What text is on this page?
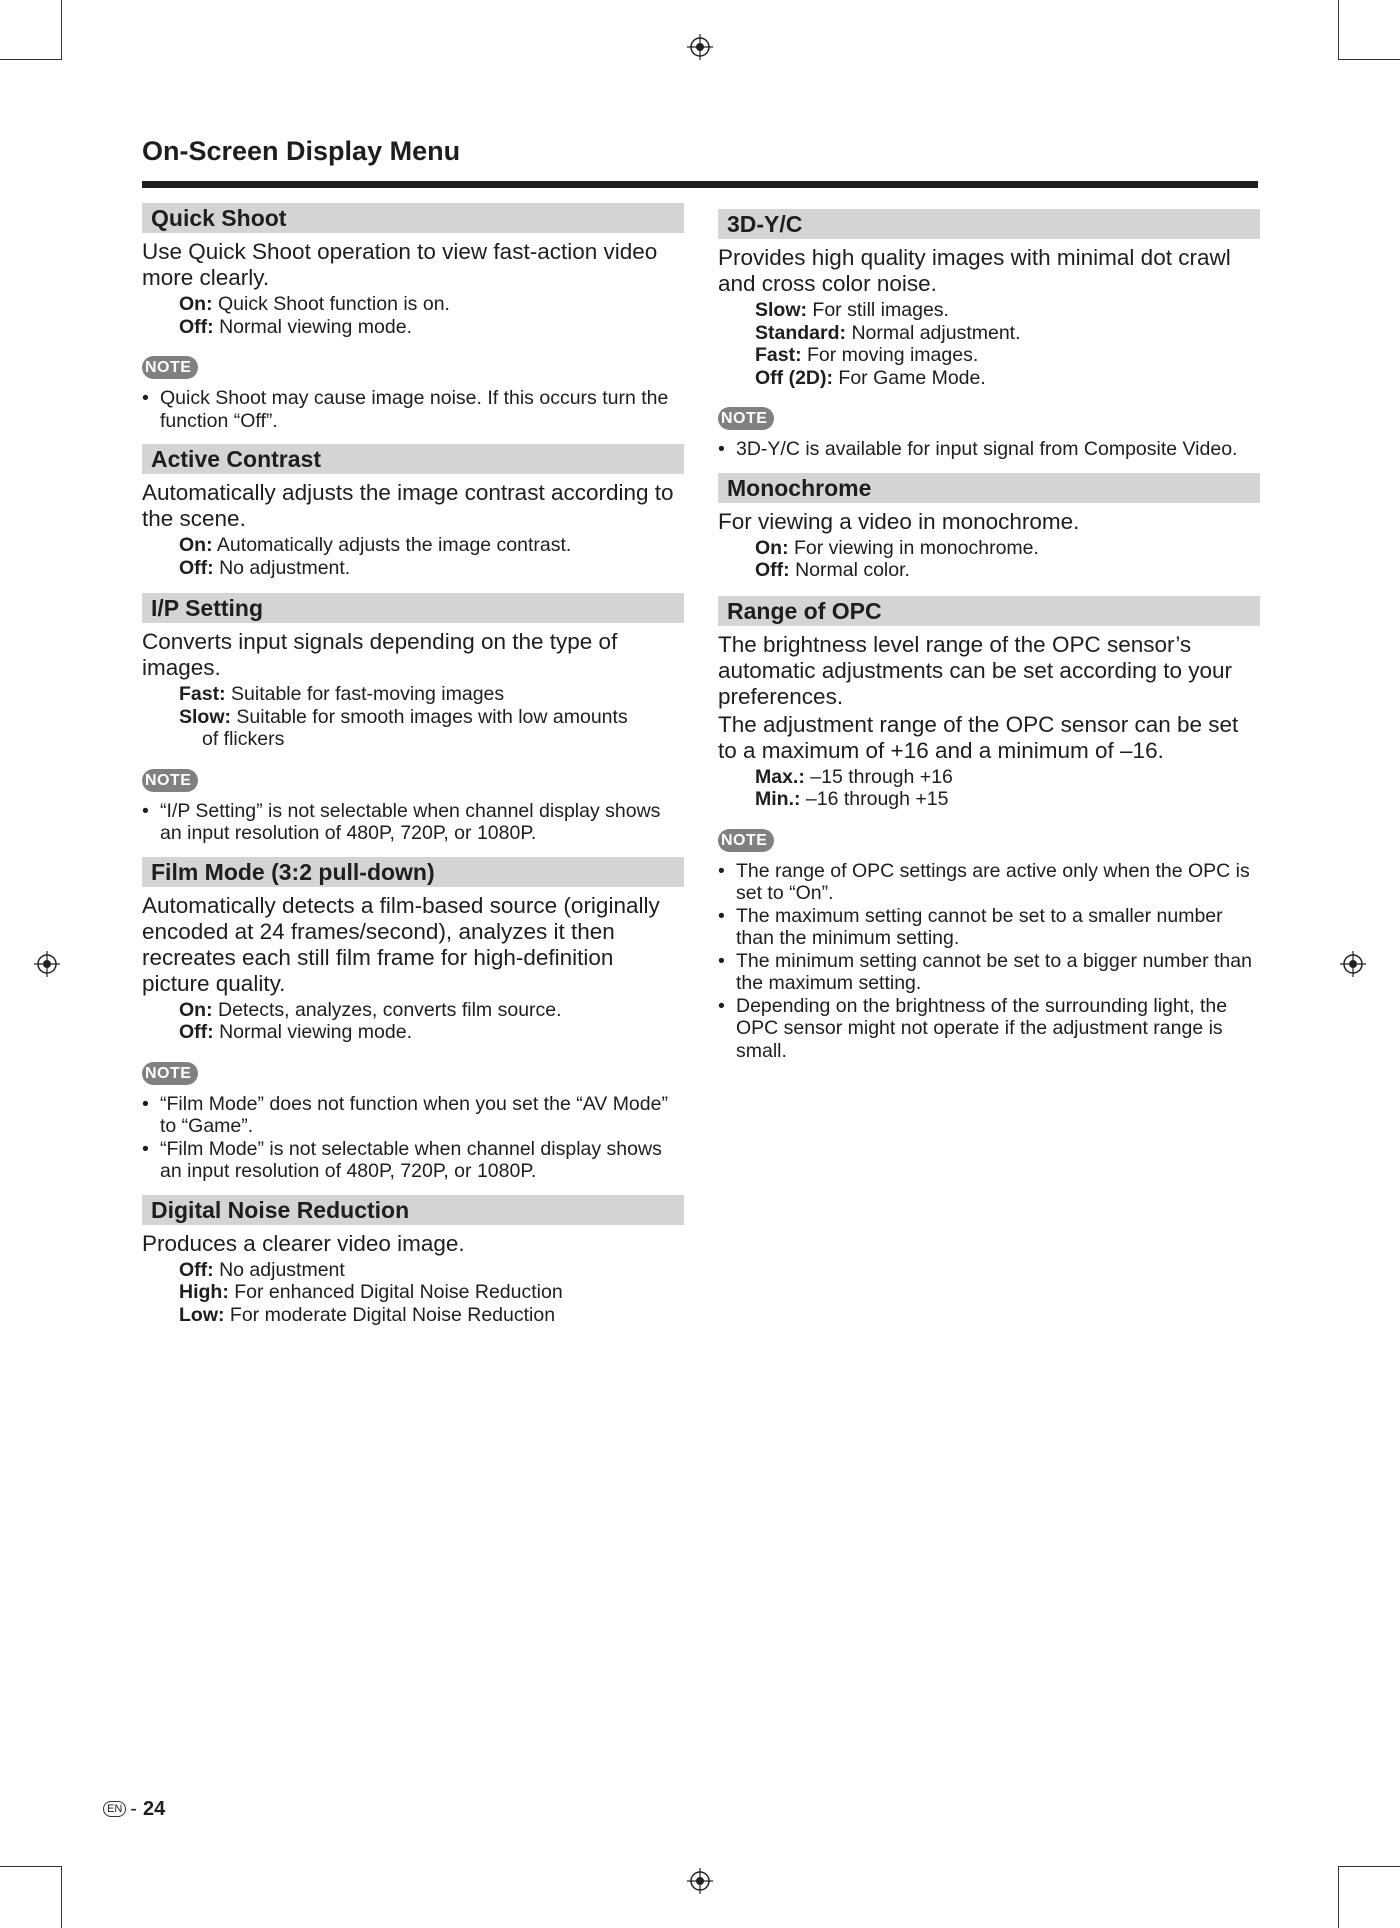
On-Screen Display Menu
Quick Shoot

Use Quick Shoot operation to view fast-action video more clearly.

On: Quick Shoot function is on.
Off: Normal viewing mode.
NOTE
• Quick Shoot may cause image noise. If this occurs turn the function “Off”.
Active Contrast

Automatically adjusts the image contrast according to the scene.

On: Automatically adjusts the image contrast.
Off: No adjustment.
I/P Setting

Converts input signals depending on the type of images.

Fast: Suitable for fast-moving images
Slow: Suitable for smooth images with low amounts
of flickers
NOTE
• “I/P Setting” is not selectable when channel display shows an input resolution of 480P, 720P, or 1080P.
Film Mode (3:2 pull-down)

Automatically detects a film-based source (originally encoded at 24 frames/second), analyzes it then recreates each still film frame for high-definition picture quality.

On: Detects, analyzes, converts film source.
Off: Normal viewing mode.
NOTE
• “Film Mode” does not function when you set the “AV Mode” to “Game”.
• “Film Mode” is not selectable when channel display shows an input resolution of 480P, 720P, or 1080P.
Digital Noise Reduction

Produces a clearer video image.

Off: No adjustment
High: For enhanced Digital Noise Reduction
Low: For moderate Digital Noise Reduction
3D-Y/C

Provides high quality images with minimal dot crawl and cross color noise.

Slow: For still images.
Standard: Normal adjustment.
Fast: For moving images.
Off (2D): For Game Mode.
NOTE
• 3D-Y/C is available for input signal from Composite Video.
Monochrome

For viewing a video in monochrome.

On: For viewing in monochrome.
Off: Normal color.
Range of OPC

The brightness level range of the OPC sensor’s automatic adjustments can be set according to your preferences.

The adjustment range of the OPC sensor can be set to a maximum of +16 and a minimum of –16.

Max.: –15 through +16
Min.: –16 through +15
NOTE
• The range of OPC settings are active only when the OPC is set to “On”.
• The maximum setting cannot be set to a smaller number than the minimum setting.
• The minimum setting cannot be set to a bigger number than the maximum setting.
• Depending on the brightness of the surrounding light, the OPC sensor might not operate if the adjustment range is small.
EN - 24
